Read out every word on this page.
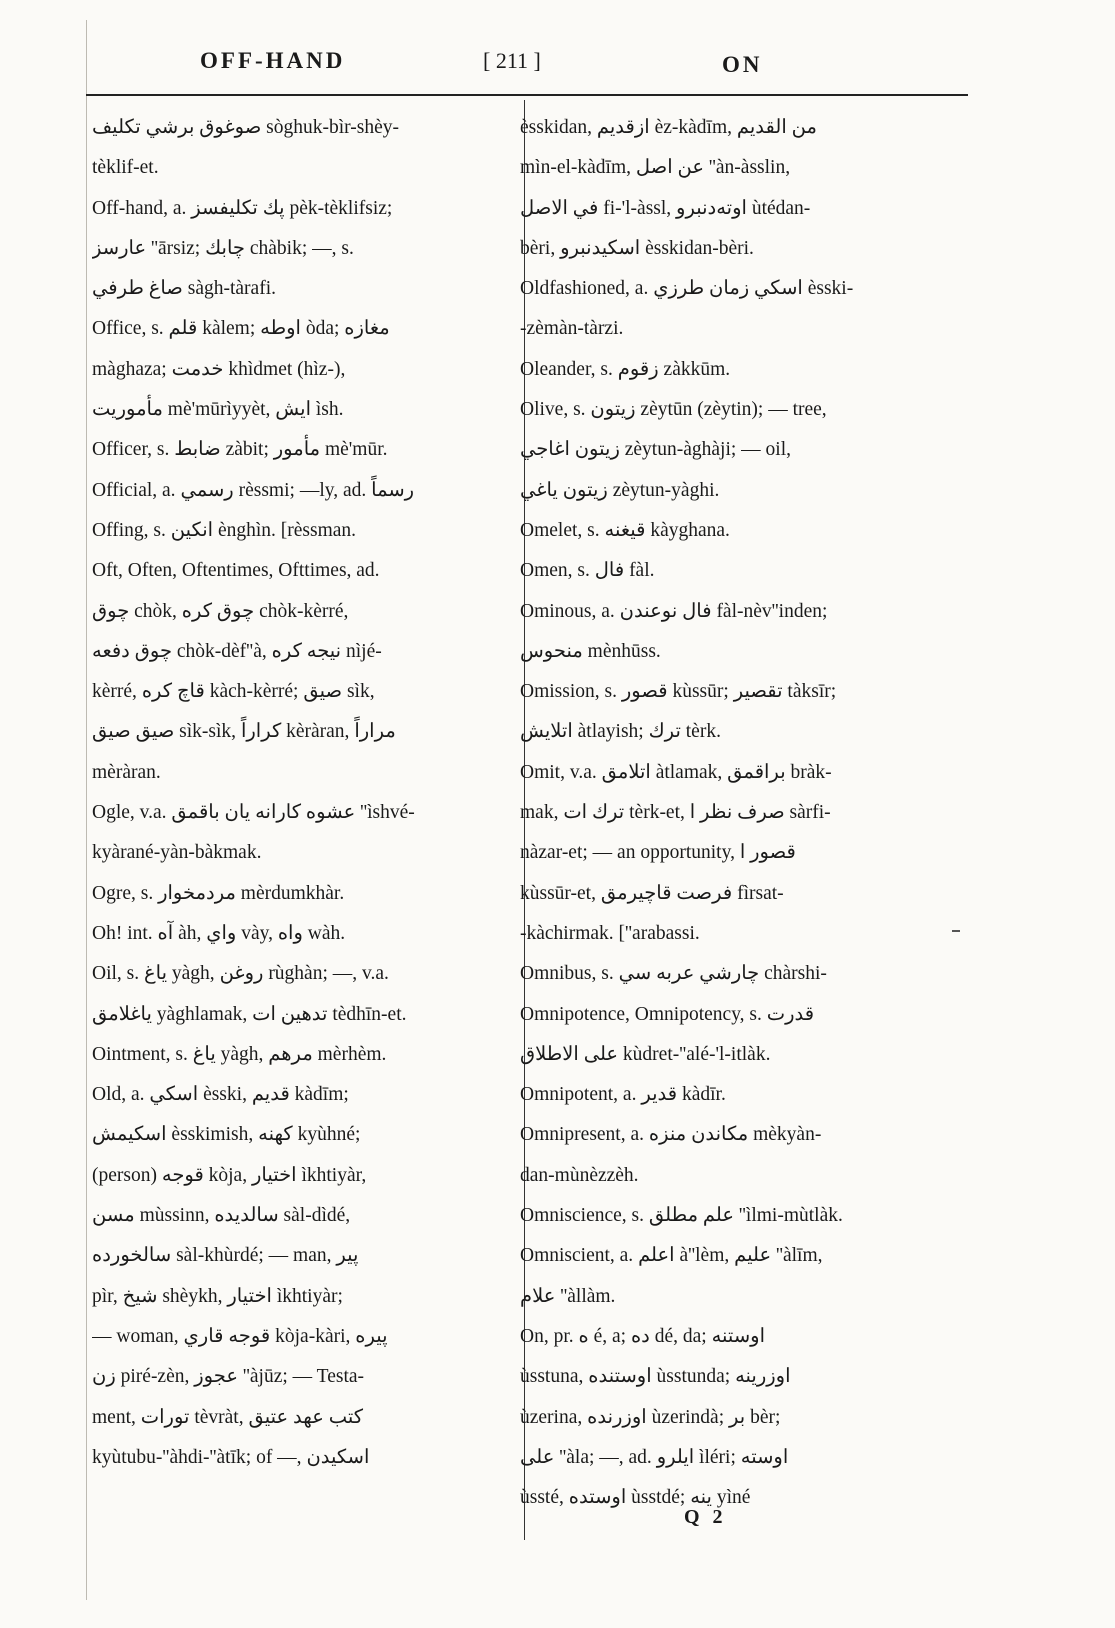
OFF-HAND	[ 211 ]	ON
صوغوق برشي تكليف sòghuk-bìr-shèy-
tèklif-et.
Off-hand, a. پك تكليفسز pèk-tèklifsiz;
عارسز ''ārsiz; چابك chàbik; —, s.
صاغ طرفي sàgh-tàrafi.
Office, s. قلم kàlem; اوطه òda; مغازه
màghaza; خدمت khìdmet (hìz-),
مأموريت mè'mūrìyyèt, ايش ìsh.
Officer, s. ضابط zàbit; مأمور mè'mūr.
Official, a. رسمي rèssmi; —ly, ad. رسماً
Offing, s. انكين ènghìn. [rèssman.
Oft, Often, Oftentimes, Ofttimes, ad.
چوق chòk, چوق كره chòk-kèrré,
چوق دفعه chòk-dèf''à, نيجه كره nìjé-
kèrré, قاچ كره kàch-kèrré; صيق sìk,
صيق صيق sìk-sìk, كراراً kèràran, مراراً
mèràran.
Ogle, v.a. عشوه كارانه يان باقمق ''ìshvé-
kyàrané-yàn-bàkmak.
Ogre, s. مردمخوار mèrdumkhàr.
Oh! int. آه àh, واي vày, واه wàh.
Oil, s. ياغ yàgh, روغن rùghàn; —, v.a.
ياغلامق yàghlamak, تدهين ات tèdhīn-et.
Ointment, s. ياغ yàgh, مرهم mèrhèm.
Old, a. اسكي èsski, قديم kàdīm;
اسكيمش èsskimish, كهنه kyùhné;
(person) قوجه kòja, اختيار ìkhtiyàr,
مسن mùssinn, سالديده sàl-dìdé,
سالخورده sàl-khùrdé; — man, پير
pìr, شيخ shèykh, اختيار ìkhtiyàr;
— woman, قوجه قاري kòja-kàri, پيره
زن piré-zèn, عجوز ''àjūz; — Testa-
ment, تورات tèvràt, كتب عهد عتيق
kyùtubu-''àhdi-''àtīk; of —, اسكيدن
èsskidan, ازقديم èz-kàdīm, من القديم
mìn-el-kàdīm, عن اصل ''àn-àsslin,
في الاصل fi-'l-àssl, اوتەدنبرو ùtédan-
bèri, اسكيدنبرو èsskidan-bèri.
Oldfashioned, a. اسكي زمان طرزي èsski-
-zèmàn-tàrzi.
Oleander, s. زقوم zàkkūm.
Olive, s. زيتون zèytūn (zèytin); — tree,
زيتون اغاجي zèytun-àghàji; — oil,
زيتون ياغي zèytun-yàghi.
Omelet, s. قيغنه kàyghana.
Omen, s. فال fàl.
Ominous, a. فال نوعندن fàl-nèv''inden;
منحوس mènhūss.
Omission, s. قصور kùssūr; تقصير tàksīr;
اتلايش àtlayish; ترك tèrk.
Omit, v.a. اتلامق àtlamak, براقمق bràk-
mak, ترك ات tèrk-et, صرف نظر ا sàrfi-
nàzar-et; — an opportunity, قصور ا
kùssūr-et, فرصت قاچيرمق fìrsat-
-kàchirmak. [''arabassi.
Omnibus, s. چارشي عربه سي chàrshi-
Omnipotence, Omnipotency, s. قدرت
على الاطلاق kùdret-''alé-'l-itlàk.
Omnipotent, a. قدير kàdīr.
Omnipresent, a. مكاندن منزه mèkyàn-
dan-mùnèzzèh.
Omniscience, s. علم مطلق ''ìlmi-mùtlàk.
Omniscient, a. اعلم à''lèm, عليم ''àlīm,
علام ''àllàm.
On, pr. ه é, a; ده dé, da; اوستنه
ùsstuna, اوستنده ùsstunda; اوزرينه
ùzerina, اوزرنده ùzerindà; بر bèr;
على ''àla; —, ad. ايلرو ìléri; اوسته
ùssté, اوستده ùsstdé; ينه yìné
Q 2
